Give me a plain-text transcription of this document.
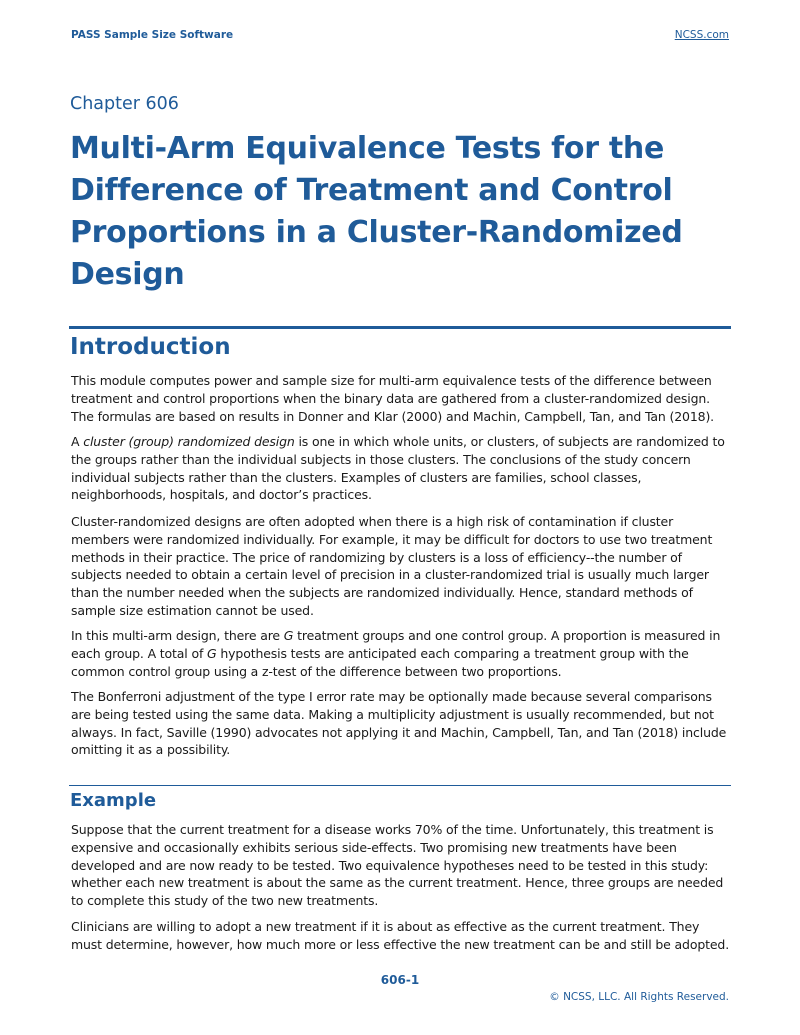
PASS Sample Size Software	NCSS.com
Chapter 606
Multi-Arm Equivalence Tests for the
Difference of Treatment and Control
Proportions in a Cluster-Randomized
Design
Introduction

This module computes power and sample size for multi-arm equivalence tests of the difference between treatment and control proportions when the binary data are gathered from a cluster-randomized design. The formulas are based on results in Donner and Klar (2000) and Machin, Campbell, Tan, and Tan (2018).

A cluster (group) randomized design is one in which whole units, or clusters, of subjects are randomized to the groups rather than the individual subjects in those clusters. The conclusions of the study concern individual subjects rather than the clusters. Examples of clusters are families, school classes, neighborhoods, hospitals, and doctor’s practices.

Cluster-randomized designs are often adopted when there is a high risk of contamination if cluster members were randomized individually. For example, it may be difficult for doctors to use two treatment methods in their practice. The price of randomizing by clusters is a loss of efficiency--the number of subjects needed to obtain a certain level of precision in a cluster-randomized trial is usually much larger than the number needed when the subjects are randomized individually. Hence, standard methods of sample size estimation cannot be used.

In this multi-arm design, there are G treatment groups and one control group. A proportion is measured in each group. A total of G hypothesis tests are anticipated each comparing a treatment group with the common control group using a z-test of the difference between two proportions.

The Bonferroni adjustment of the type I error rate may be optionally made because several comparisons are being tested using the same data. Making a multiplicity adjustment is usually recommended, but not always. In fact, Saville (1990) advocates not applying it and Machin, Campbell, Tan, and Tan (2018) include omitting it as a possibility.

Example

Suppose that the current treatment for a disease works 70% of the time. Unfortunately, this treatment is expensive and occasionally exhibits serious side-effects. Two promising new treatments have been developed and are now ready to be tested. Two equivalence hypotheses need to be tested in this study: whether each new treatment is about the same as the current treatment. Hence, three groups are needed to complete this study of the two new treatments.

Clinicians are willing to adopt a new treatment if it is about as effective as the current treatment. They must determine, however, how much more or less effective the new treatment can be and still be adopted.

606-1
© NCSS, LLC. All Rights Reserved.
